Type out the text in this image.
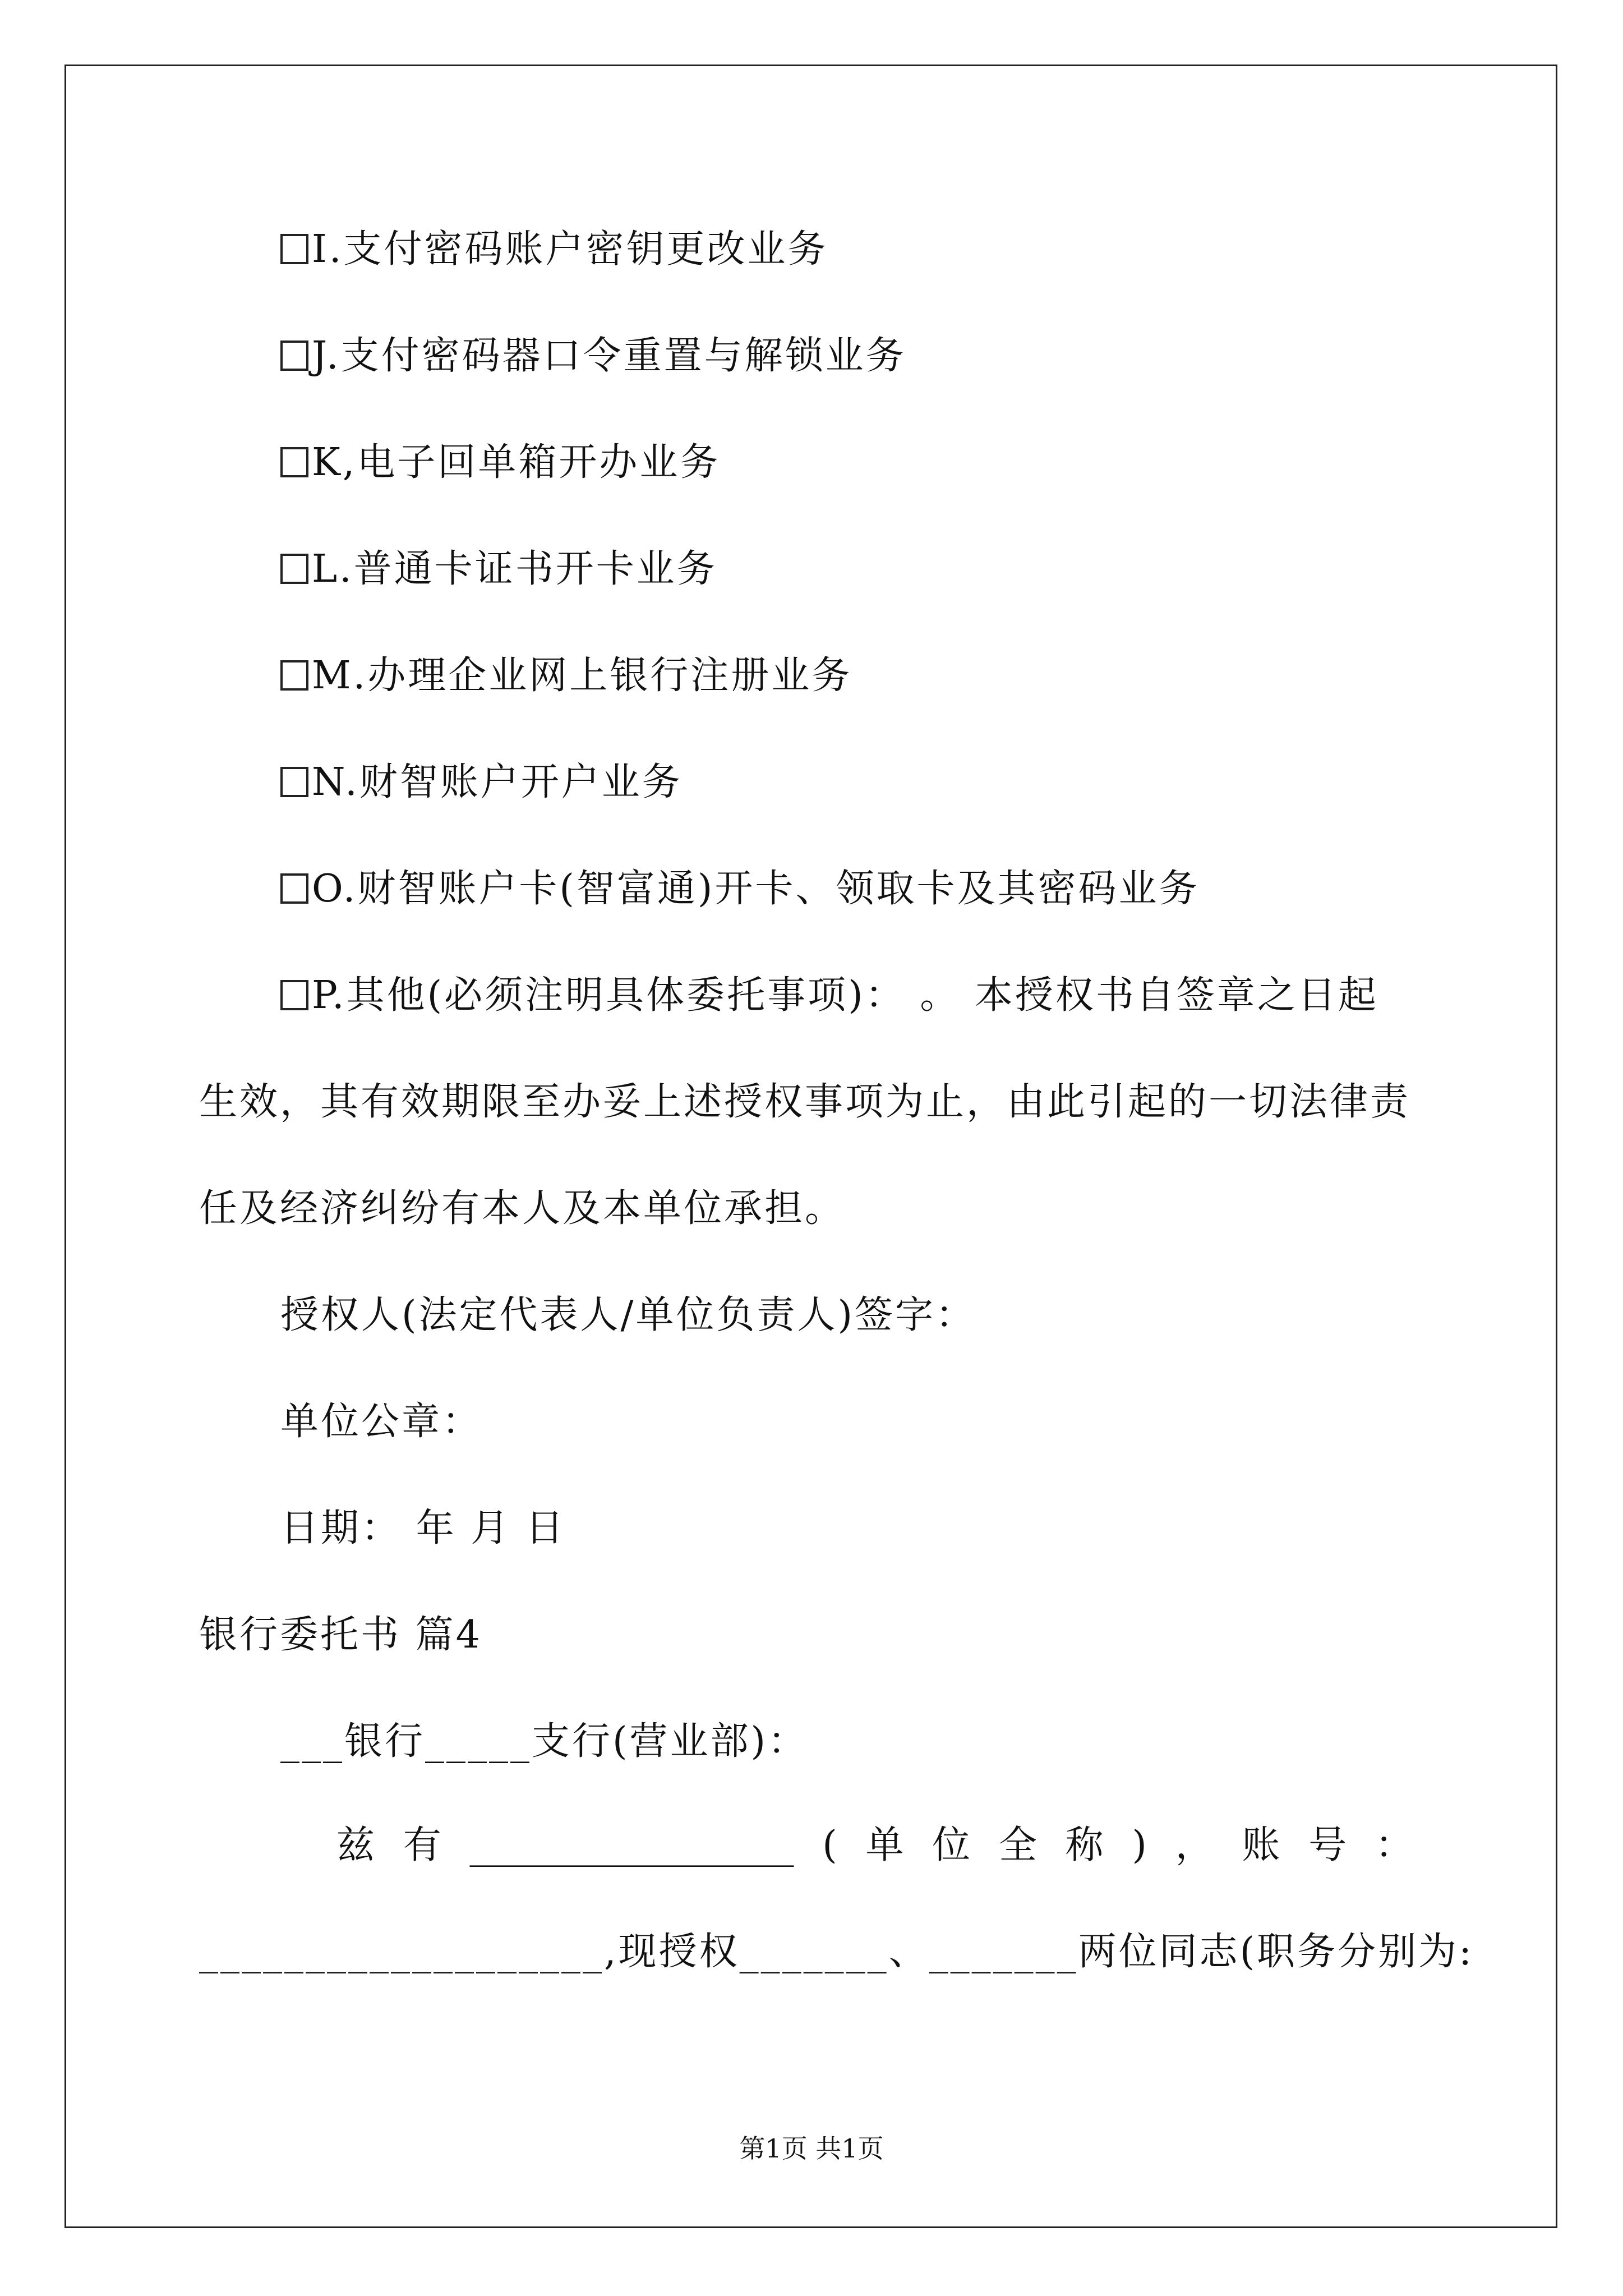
I.支付密码账户密钥更改业务
J.支付密码器口令重置与解锁业务
K,电子回单箱开办业务
L.普通卡证书开卡业务
M.办理企业网上银行注册业务
N.财智账户开户业务
O.财智账户卡(智富通)开卡、领取卡及其密码业务
P.其他(必须注明具体委托事项)： 。 本授权书自签章之日起
生效，其有效期限至办妥上述授权事项为止，由此引起的一切法律责
任及经济纠纷有本人及本单位承担。
授权人(法定代表人/单位负责人)签字：
单位公章：
日期： 年 月 日
银行委托书 篇4
___银行_____支行(营业部)：
兹 有 _________________ ( 单 位 全 称 ) ， 账 号 ：
___________________,现授权_______、_______两位同志(职务分别为:
第1页 共1页
